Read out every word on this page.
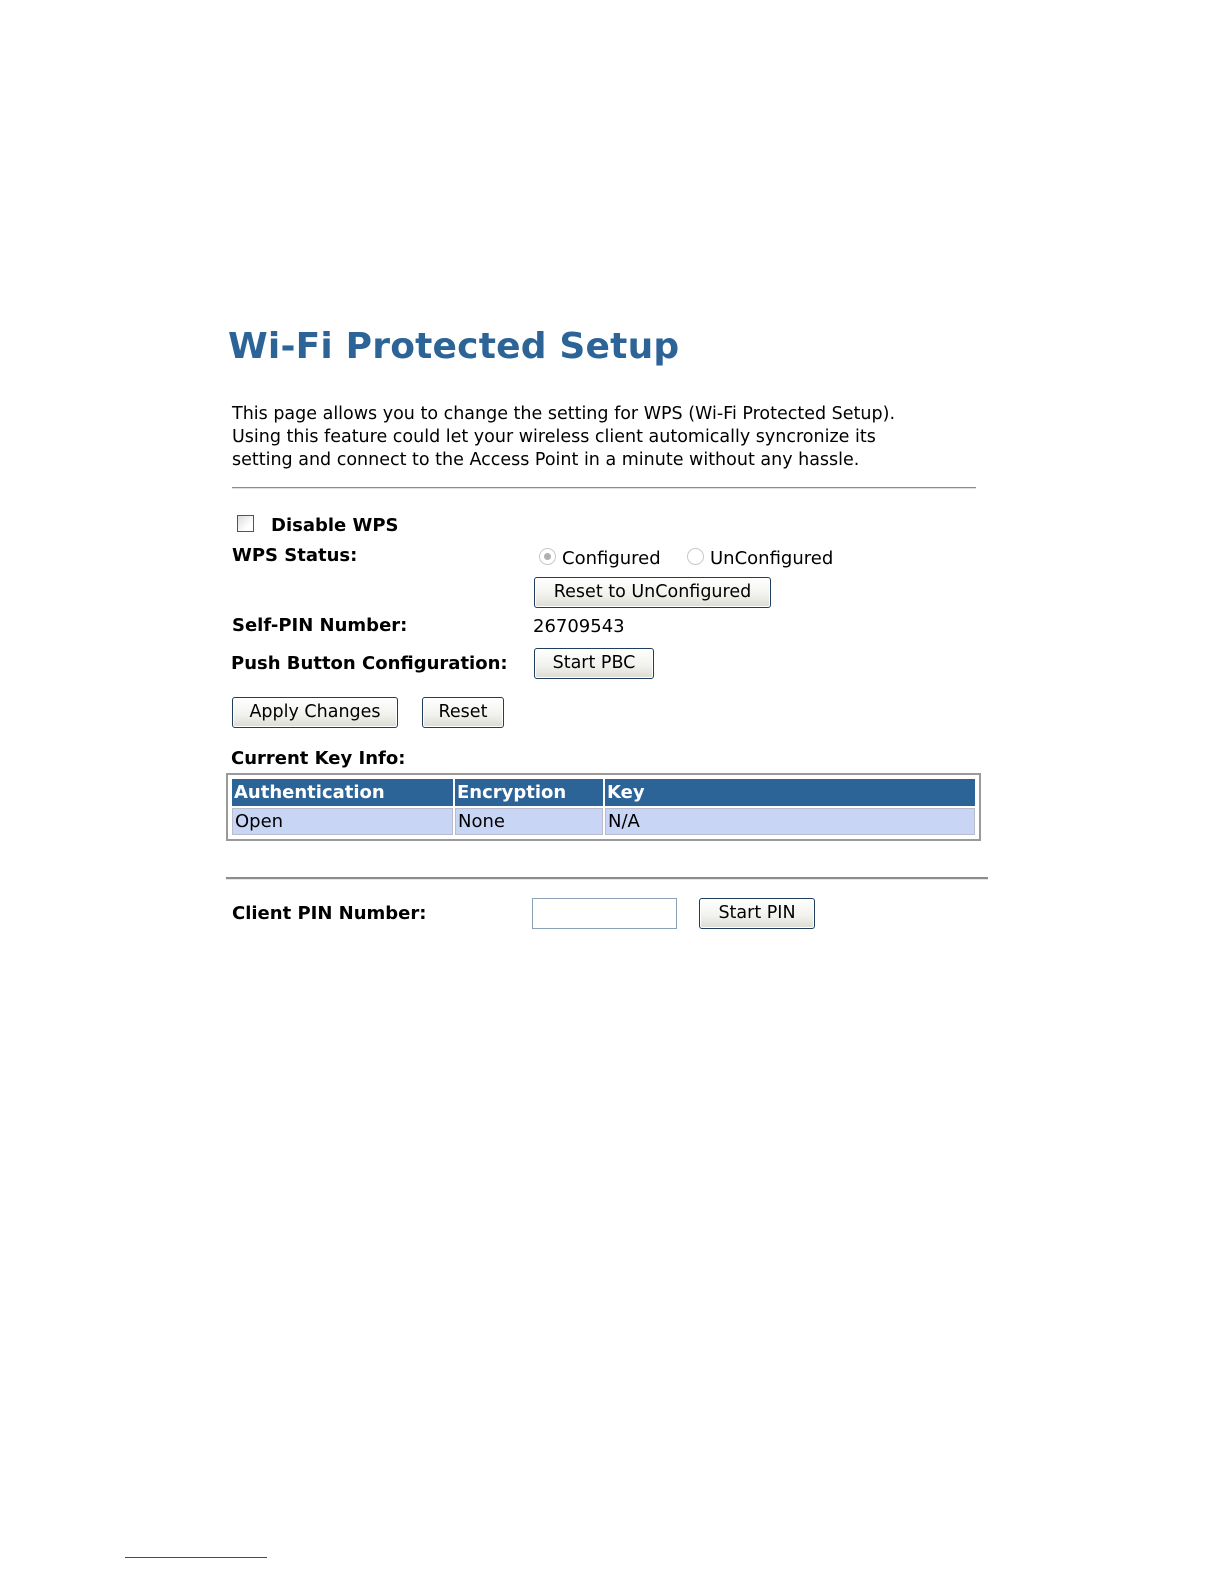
Wi-Fi Protected Setup
This page allows you to change the setting for WPS (Wi-Fi Protected Setup).
Using this feature could let your wireless client automically syncronize its
setting and connect to the Access Point in a minute without any hassle.
Disable WPS
WPS Status:	Configured	UnConfigured
Reset to UnConfigured
Self-PIN Number:	26709543
Push Button Configuration:	Start PBC
Apply Changes	Reset
Current Key Info:
Authentication	Encryption	Key
Open	None	N/A
Client PIN Number:	Start PIN
